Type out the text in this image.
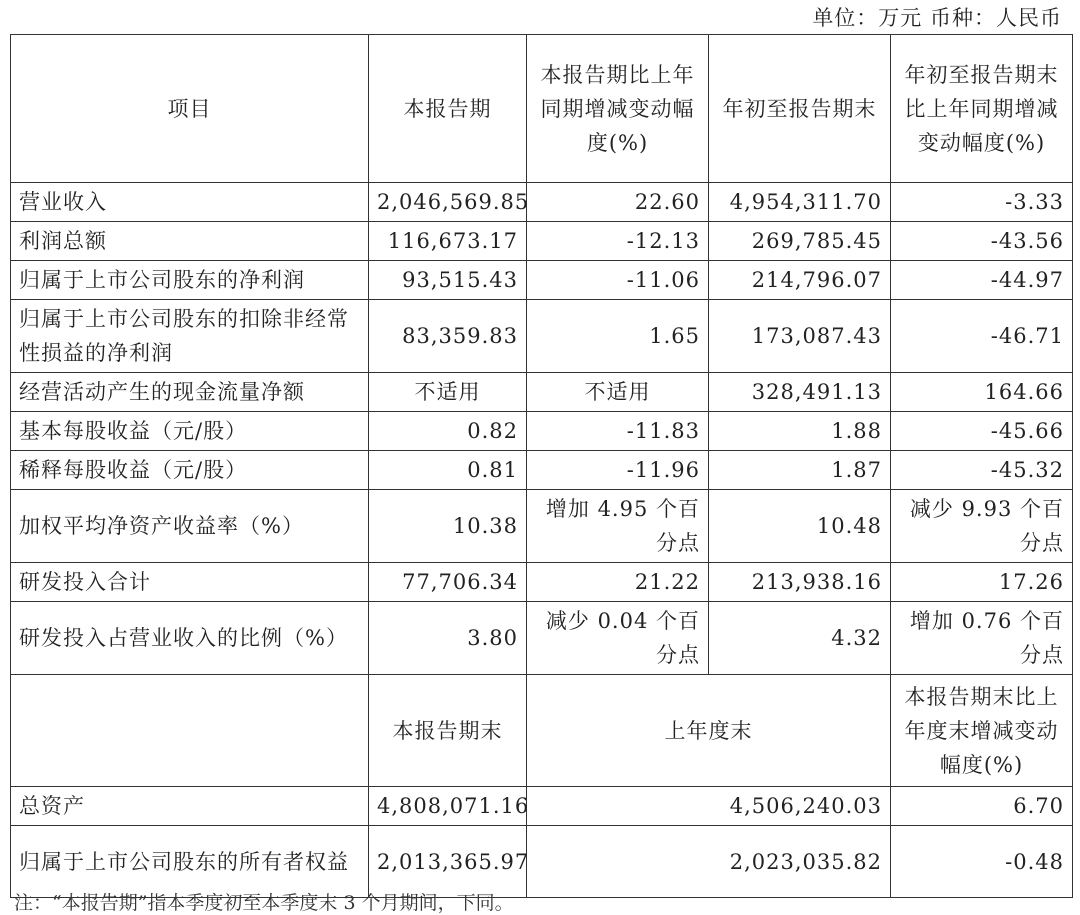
单位：万元 币种：人民币
项目	本报告期	本报告期比上年同期增减变动幅度(%)	年初至报告期末	年初至报告期末比上年同期增减变动幅度(%)
营业收入	2,046,569.85	22.60	4,954,311.70	-3.33
利润总额	116,673.17	-12.13	269,785.45	-43.56
归属于上市公司股东的净利润	93,515.43	-11.06	214,796.07	-44.97
归属于上市公司股东的扣除非经常性损益的净利润	83,359.83	1.65	173,087.43	-46.71
经营活动产生的现金流量净额	不适用	不适用	328,491.13	164.66
基本每股收益（元/股）	0.82	-11.83	1.88	-45.66
稀释每股收益（元/股）	0.81	-11.96	1.87	-45.32
加权平均净资产收益率（%）	10.38	增加 4.95 个百分点	10.48	减少 9.93 个百分点
研发投入合计	77,706.34	21.22	213,938.16	17.26
研发投入占营业收入的比例（%）	3.80	减少 0.04 个百分点	4.32	增加 0.76 个百分点
	本报告期末	上年度末		本报告期末比上年度末增减变动幅度(%)
总资产	4,808,071.16	4,506,240.03		6.70
归属于上市公司股东的所有者权益	2,013,365.97	2,023,035.82		-0.48
注：“本报告期”指本季度初至本季度末 3 个月期间，下同。
